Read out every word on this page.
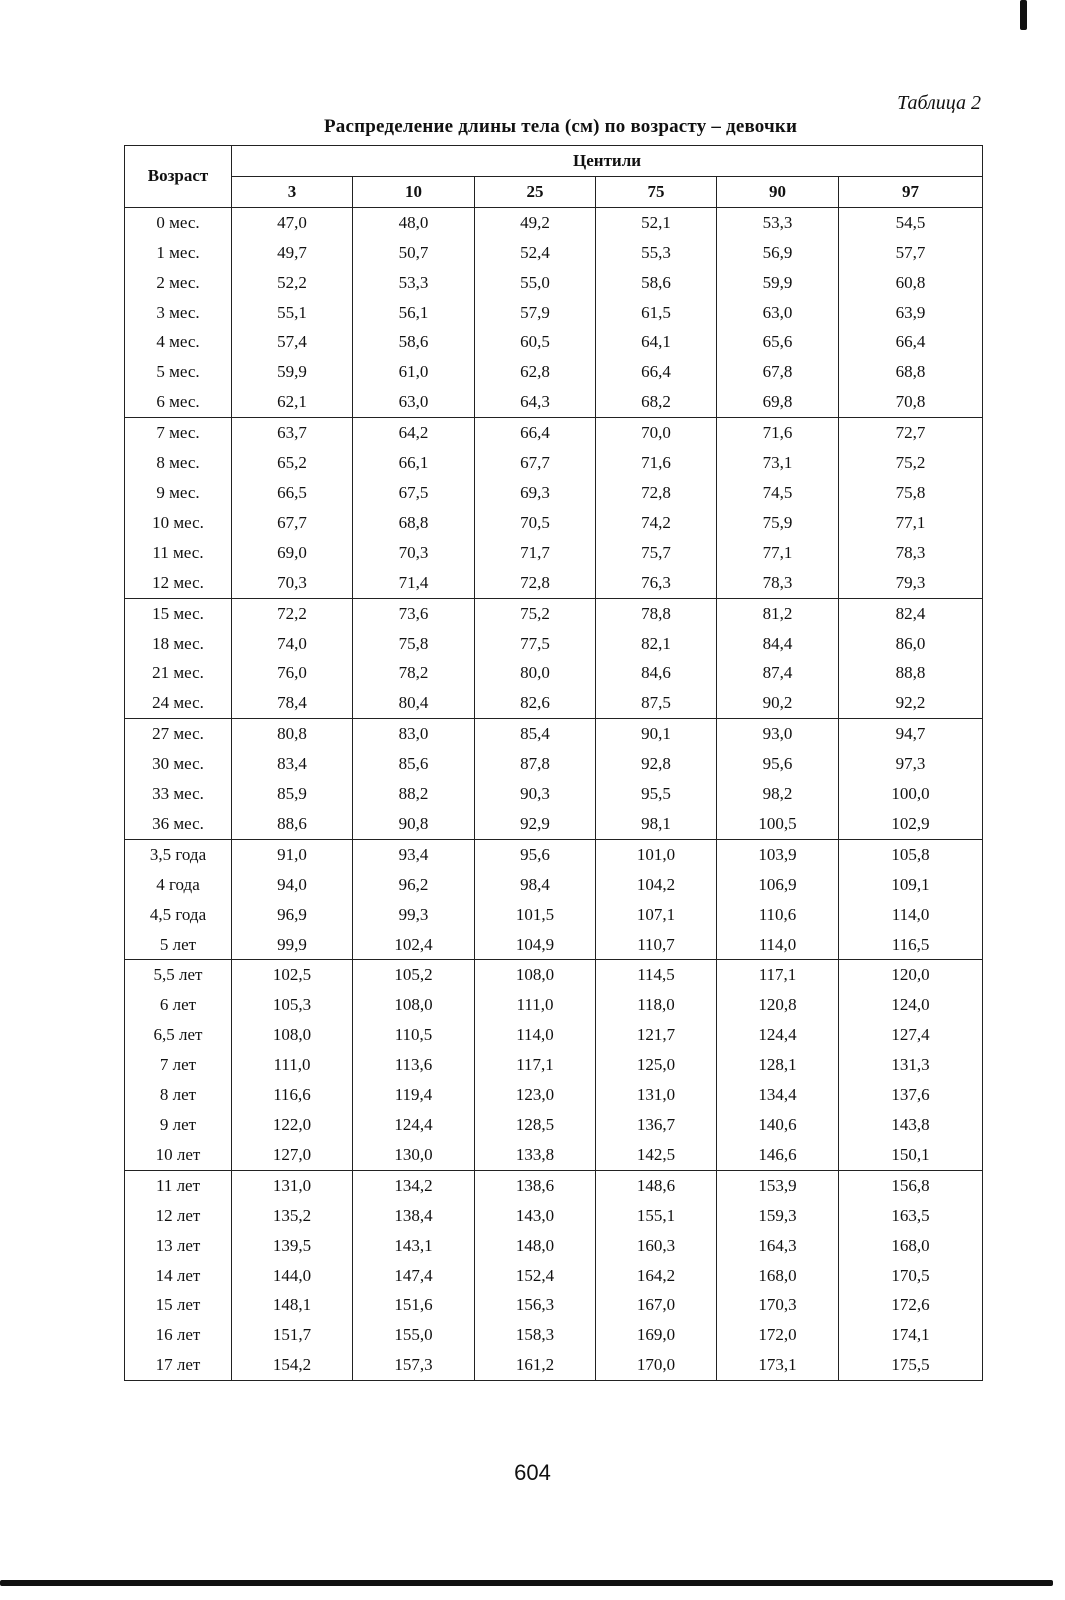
Таблица 2
Распределение длины тела (см) по возрасту – девочки
Возраст	Центили					
	3	10	25	75	90	97
0 мес.	47,0	48,0	49,2	52,1	53,3	54,5
1 мес.	49,7	50,7	52,4	55,3	56,9	57,7
2 мес.	52,2	53,3	55,0	58,6	59,9	60,8
3 мес.	55,1	56,1	57,9	61,5	63,0	63,9
4 мес.	57,4	58,6	60,5	64,1	65,6	66,4
5 мес.	59,9	61,0	62,8	66,4	67,8	68,8
6 мес.	62,1	63,0	64,3	68,2	69,8	70,8
7 мес.	63,7	64,2	66,4	70,0	71,6	72,7
8 мес.	65,2	66,1	67,7	71,6	73,1	75,2
9 мес.	66,5	67,5	69,3	72,8	74,5	75,8
10 мес.	67,7	68,8	70,5	74,2	75,9	77,1
11 мес.	69,0	70,3	71,7	75,7	77,1	78,3
12 мес.	70,3	71,4	72,8	76,3	78,3	79,3
15 мес.	72,2	73,6	75,2	78,8	81,2	82,4
18 мес.	74,0	75,8	77,5	82,1	84,4	86,0
21 мес.	76,0	78,2	80,0	84,6	87,4	88,8
24 мес.	78,4	80,4	82,6	87,5	90,2	92,2
27 мес.	80,8	83,0	85,4	90,1	93,0	94,7
30 мес.	83,4	85,6	87,8	92,8	95,6	97,3
33 мес.	85,9	88,2	90,3	95,5	98,2	100,0
36 мес.	88,6	90,8	92,9	98,1	100,5	102,9
3,5 года	91,0	93,4	95,6	101,0	103,9	105,8
4 года	94,0	96,2	98,4	104,2	106,9	109,1
4,5 года	96,9	99,3	101,5	107,1	110,6	114,0
5 лет	99,9	102,4	104,9	110,7	114,0	116,5
5,5 лет	102,5	105,2	108,0	114,5	117,1	120,0
6 лет	105,3	108,0	111,0	118,0	120,8	124,0
6,5 лет	108,0	110,5	114,0	121,7	124,4	127,4
7 лет	111,0	113,6	117,1	125,0	128,1	131,3
8 лет	116,6	119,4	123,0	131,0	134,4	137,6
9 лет	122,0	124,4	128,5	136,7	140,6	143,8
10 лет	127,0	130,0	133,8	142,5	146,6	150,1
11 лет	131,0	134,2	138,6	148,6	153,9	156,8
12 лет	135,2	138,4	143,0	155,1	159,3	163,5
13 лет	139,5	143,1	148,0	160,3	164,3	168,0
14 лет	144,0	147,4	152,4	164,2	168,0	170,5
15 лет	148,1	151,6	156,3	167,0	170,3	172,6
16 лет	151,7	155,0	158,3	169,0	172,0	174,1
17 лет	154,2	157,3	161,2	170,0	173,1	175,5
604
